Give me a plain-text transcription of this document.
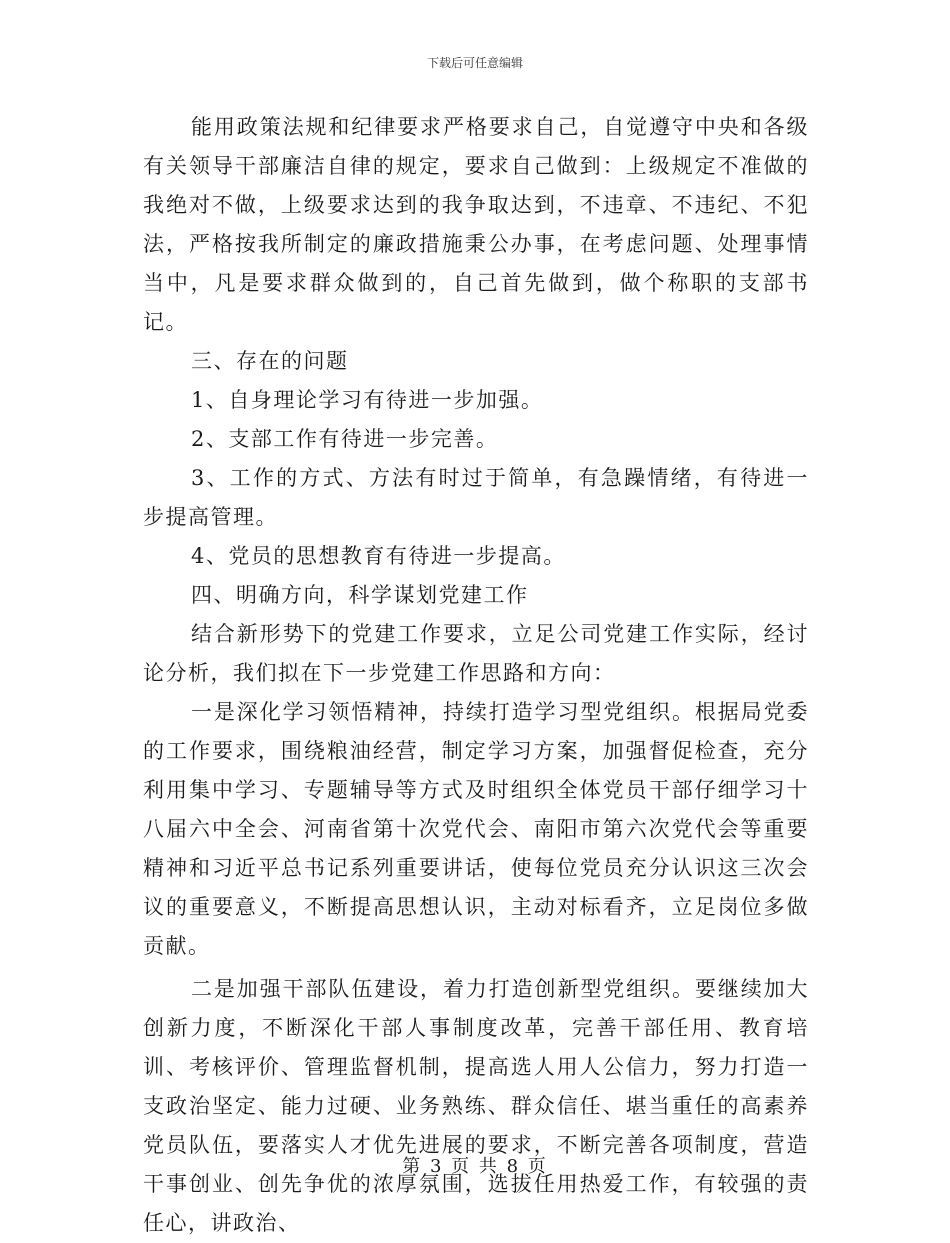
下载后可任意编辑

能用政策法规和纪律要求严格要求自己，自觉遵守中央和各级有关领导干部廉洁自律的规定，要求自己做到：上级规定不准做的我绝对不做，上级要求达到的我争取达到，不违章、不违纪、不犯法，严格按我所制定的廉政措施秉公办事，在考虑问题、处理事情当中，凡是要求群众做到的，自己首先做到，做个称职的支部书记。

三、存在的问题

1、自身理论学习有待进一步加强。

2、支部工作有待进一步完善。

3、工作的方式、方法有时过于简单，有急躁情绪，有待进一步提高管理。

4、党员的思想教育有待进一步提高。

四、明确方向，科学谋划党建工作

结合新形势下的党建工作要求，立足公司党建工作实际，经讨论分析，我们拟在下一步党建工作思路和方向：

一是深化学习领悟精神，持续打造学习型党组织。根据局党委的工作要求，围绕粮油经营，制定学习方案，加强督促检查，充分利用集中学习、专题辅导等方式及时组织全体党员干部仔细学习十八届六中全会、河南省第十次党代会、南阳市第六次党代会等重要精神和习近平总书记系列重要讲话，使每位党员充分认识这三次会议的重要意义，不断提高思想认识，主动对标看齐，立足岗位多做贡献。

二是加强干部队伍建设，着力打造创新型党组织。要继续加大创新力度，不断深化干部人事制度改革，完善干部任用、教育培训、考核评价、管理监督机制，提高选人用人公信力，努力打造一支政治坚定、能力过硬、业务熟练、群众信任、堪当重任的高素养党员队伍，要落实人才优先进展的要求，不断完善各项制度，营造干事创业、创先争优的浓厚氛围，选拔任用热爱工作，有较强的责任心，讲政治、

第 3 页 共 8 页
